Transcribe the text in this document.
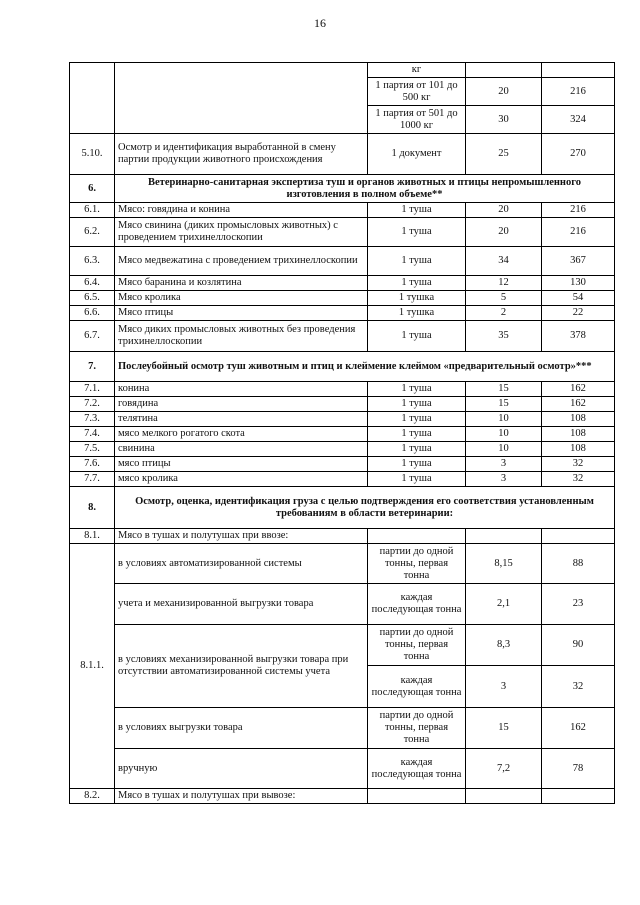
16
		кг		
		1 партия от 101 до 500 кг	20	216
		1 партия от 501 до 1000 кг	30	324
5.10.	Осмотр и идентификация выработанной в смену партии продукции животного происхождения	1 документ	25	270
6.	Ветеринарно-санитарная экспертиза туш и органов животных и птицы непромышленного изготовления в полном объеме**			
6.1.	Мясо: говядина и конина	1 туша	20	216
6.2.	Мясо свинина (диких промысловых животных) с проведением трихинеллоскопии	1 туша	20	216
6.3.	Мясо медвежатина с проведением трихинеллоскопии	1 туша	34	367
6.4.	Мясо баранина и козлятина	1 туша	12	130
6.5.	Мясо кролика	1 тушка	5	54
6.6.	Мясо птицы	1 тушка	2	22
6.7.	Мясо диких промысловых животных без проведения трихинеллоскопии	1 туша	35	378
7.	Послеубойный осмотр туш животным и птиц и клеймение клеймом «предварительный осмотр»***			
7.1.	конина	1 туша	15	162
7.2.	говядина	1 туша	15	162
7.3.	телятина	1 туша	10	108
7.4.	мясо мелкого рогатого скота	1 туша	10	108
7.5.	свинина	1 туша	10	108
7.6.	мясо птицы	1 туша	3	32
7.7.	мясо кролика	1 туша	3	32
8.	Осмотр, оценка, идентификация груза с целью подтверждения его соответствия установленным требованиям в области ветеринарии:			
8.1.	Мясо в тушах и полутушах при ввозе:			
8.1.1.	в условиях автоматизированной системы	партии до одной тонны, первая тонна	8,15	88
	учета и механизированной выгрузки товара	каждая последующая тонна	2,1	23
	в условиях механизированной выгрузки товара при отсутствии автоматизированной системы учета	партии до одной тонны, первая тонна	8,3	90
		каждая последующая тонна	3	32
	в условиях выгрузки товара	партии до одной тонны, первая тонна	15	162
	вручную	каждая последующая тонна	7,2	78
8.2.	Мясо в тушах и полутушах при вывозе:			
